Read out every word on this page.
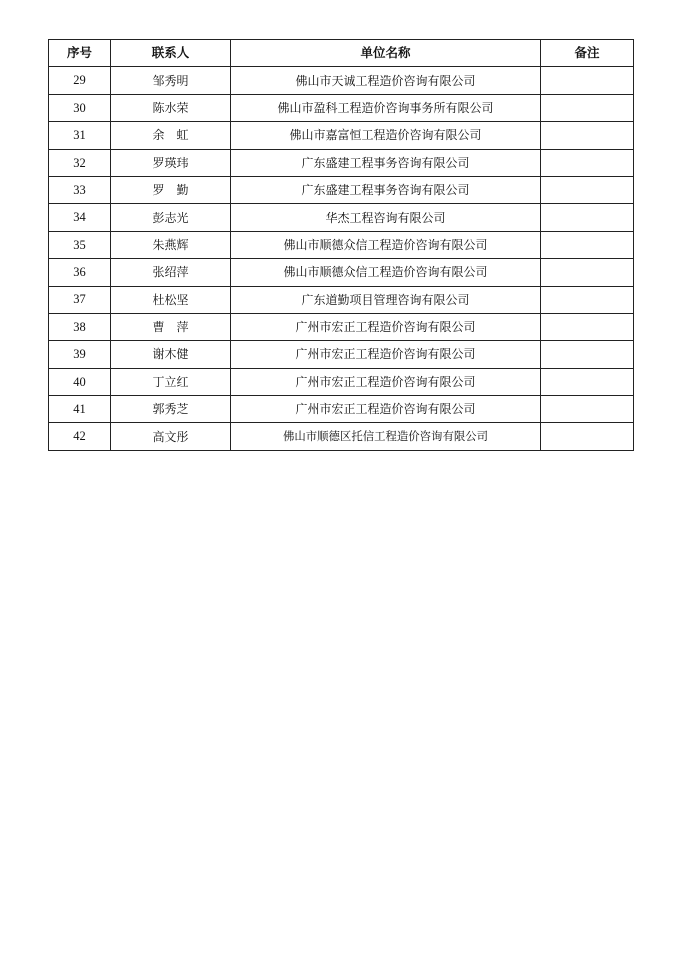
序号	联系人	单位名称	备注
29	邹秀明	佛山市天诚工程造价咨询有限公司	
30	陈水荣	佛山市盈科工程造价咨询事务所有限公司	
31	余　虹	佛山市嘉富恒工程造价咨询有限公司	
32	罗瑛玮	广东盛建工程事务咨询有限公司	
33	罗　勤	广东盛建工程事务咨询有限公司	
34	彭志光	华杰工程咨询有限公司	
35	朱燕辉	佛山市顺德众信工程造价咨询有限公司	
36	张绍萍	佛山市顺德众信工程造价咨询有限公司	
37	杜松坚	广东道勤项目管理咨询有限公司	
38	曹　萍	广州市宏正工程造价咨询有限公司	
39	谢木健	广州市宏正工程造价咨询有限公司	
40	丁立红	广州市宏正工程造价咨询有限公司	
41	郭秀芝	广州市宏正工程造价咨询有限公司	
42	高文彤	佛山市顺德区托信工程造价咨询有限公司	
